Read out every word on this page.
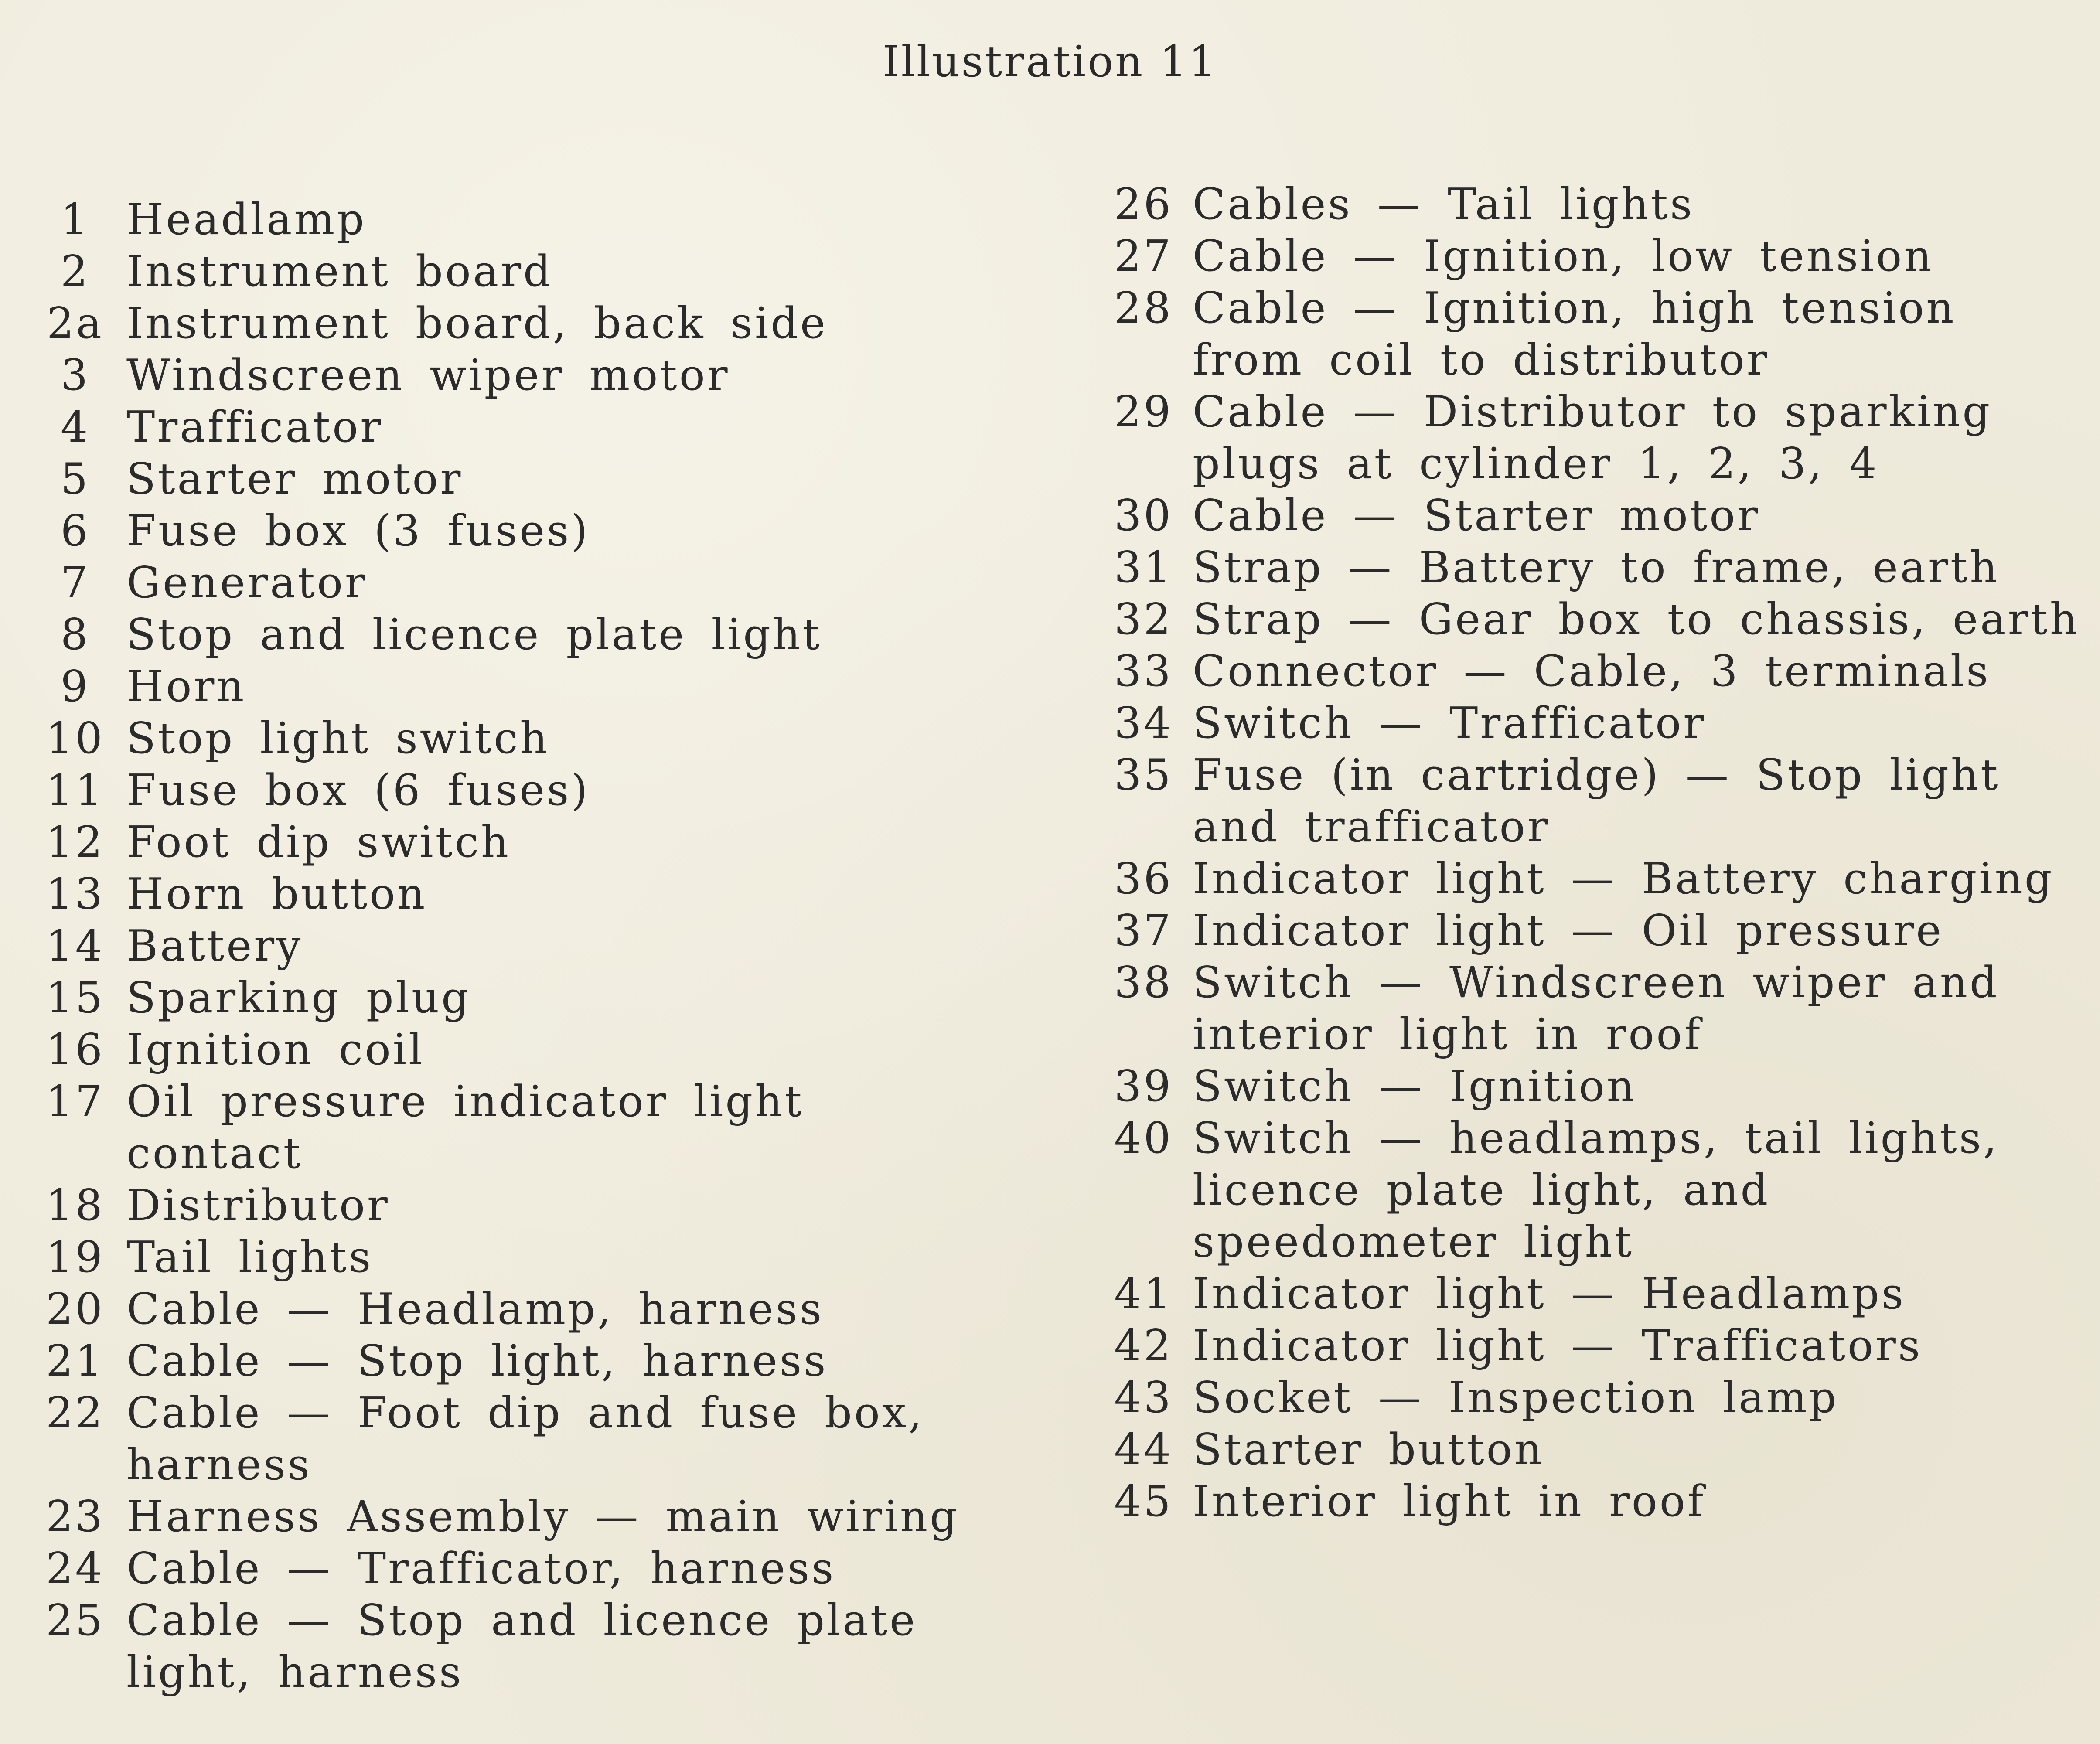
Illustration 11
1 Headlamp
2 Instrument board
2a Instrument board, back side
3 Windscreen wiper motor
4 Trafficator
5 Starter motor
6 Fuse box (3 fuses)
7 Generator
8 Stop and licence plate light
9 Horn
10 Stop light switch
11 Fuse box (6 fuses)
12 Foot dip switch
13 Horn button
14 Battery
15 Sparking plug
16 Ignition coil
17 Oil pressure indicator light contact
18 Distributor
19 Tail lights
20 Cable — Headlamp, harness
21 Cable — Stop light, harness
22 Cable — Foot dip and fuse box, harness
23 Harness Assembly — main wiring
24 Cable — Trafficator, harness
25 Cable — Stop and licence plate light, harness
26 Cables — Tail lights
27 Cable — Ignition, low tension
28 Cable — Ignition, high tension from coil to distributor
29 Cable — Distributor to sparking plugs at cylinder 1, 2, 3, 4
30 Cable — Starter motor
31 Strap — Battery to frame, earth
32 Strap — Gear box to chassis, earth
33 Connector — Cable, 3 terminals
34 Switch — Trafficator
35 Fuse (in cartridge) — Stop light and trafficator
36 Indicator light — Battery charging
37 Indicator light — Oil pressure
38 Switch — Windscreen wiper and interior light in roof
39 Switch — Ignition
40 Switch — headlamps, tail lights, licence plate light, and speedometer light
41 Indicator light — Headlamps
42 Indicator light — Trafficators
43 Socket — Inspection lamp
44 Starter button
45 Interior light in roof
